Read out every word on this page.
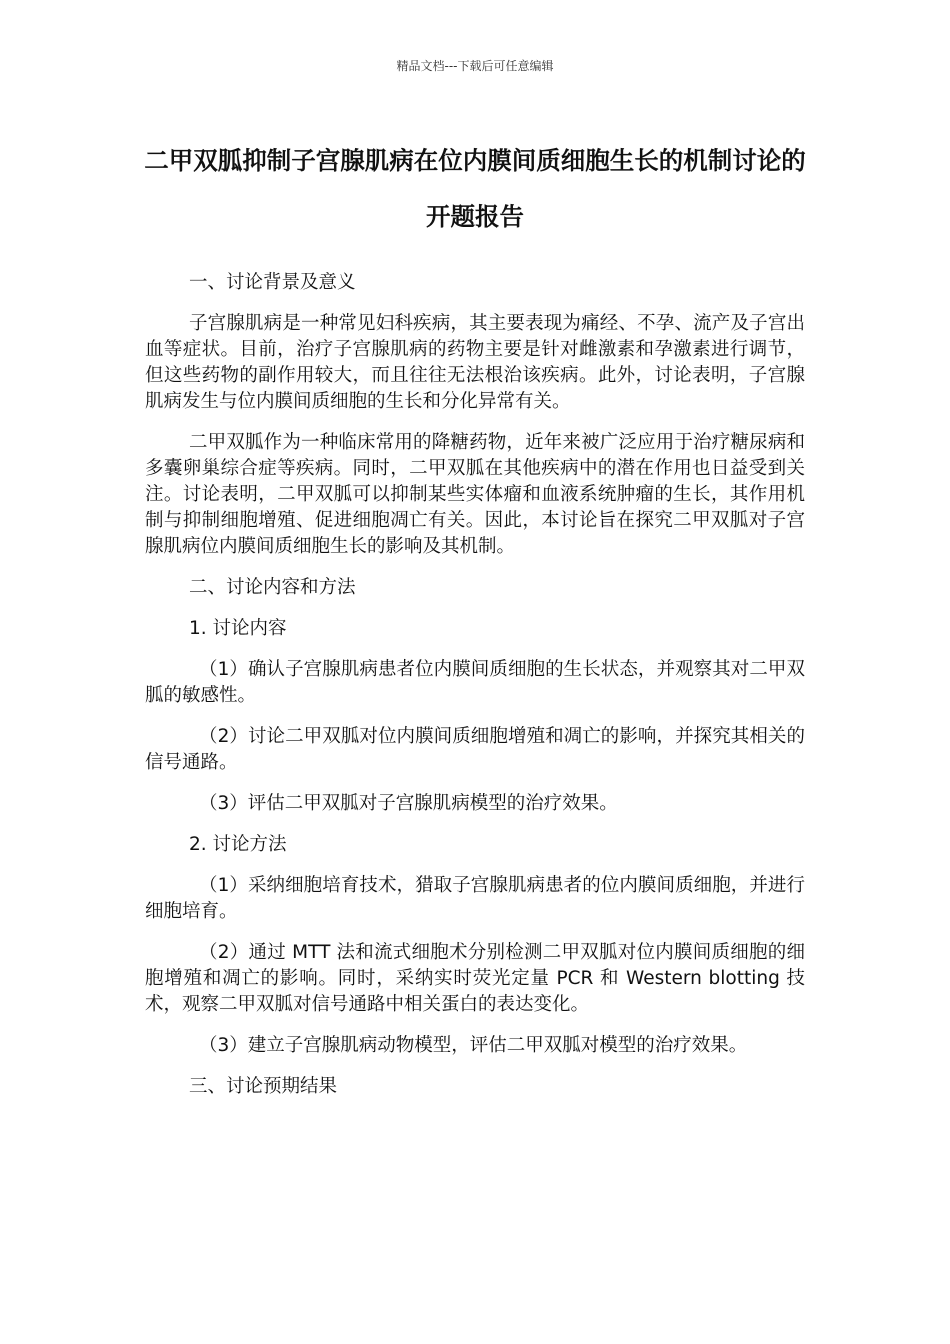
精品文档---下载后可任意编辑
二甲双胍抑制子宫腺肌病在位内膜间质细胞生长的机制讨论的开题报告

一、讨论背景及意义

子宫腺肌病是一种常见妇科疾病，其主要表现为痛经、不孕、流产及子宫出血等症状。目前，治疗子宫腺肌病的药物主要是针对雌激素和孕激素进行调节，但这些药物的副作用较大，而且往往无法根治该疾病。此外，讨论表明，子宫腺肌病发生与位内膜间质细胞的生长和分化异常有关。

二甲双胍作为一种临床常用的降糖药物，近年来被广泛应用于治疗糖尿病和多囊卵巢综合症等疾病。同时，二甲双胍在其他疾病中的潜在作用也日益受到关注。讨论表明，二甲双胍可以抑制某些实体瘤和血液系统肿瘤的生长，其作用机制与抑制细胞增殖、促进细胞凋亡有关。因此，本讨论旨在探究二甲双胍对子宫腺肌病位内膜间质细胞生长的影响及其机制。

二、讨论内容和方法

1. 讨论内容

（1）确认子宫腺肌病患者位内膜间质细胞的生长状态，并观察其对二甲双胍的敏感性。

（2）讨论二甲双胍对位内膜间质细胞增殖和凋亡的影响，并探究其相关的信号通路。

（3）评估二甲双胍对子宫腺肌病模型的治疗效果。

2. 讨论方法

（1）采纳细胞培育技术，猎取子宫腺肌病患者的位内膜间质细胞，并进行细胞培育。

（2）通过 MTT 法和流式细胞术分别检测二甲双胍对位内膜间质细胞的细胞增殖和凋亡的影响。同时，采纳实时荧光定量 PCR 和 Western blotting 技术，观察二甲双胍对信号通路中相关蛋白的表达变化。

（3）建立子宫腺肌病动物模型，评估二甲双胍对模型的治疗效果。

三、讨论预期结果
